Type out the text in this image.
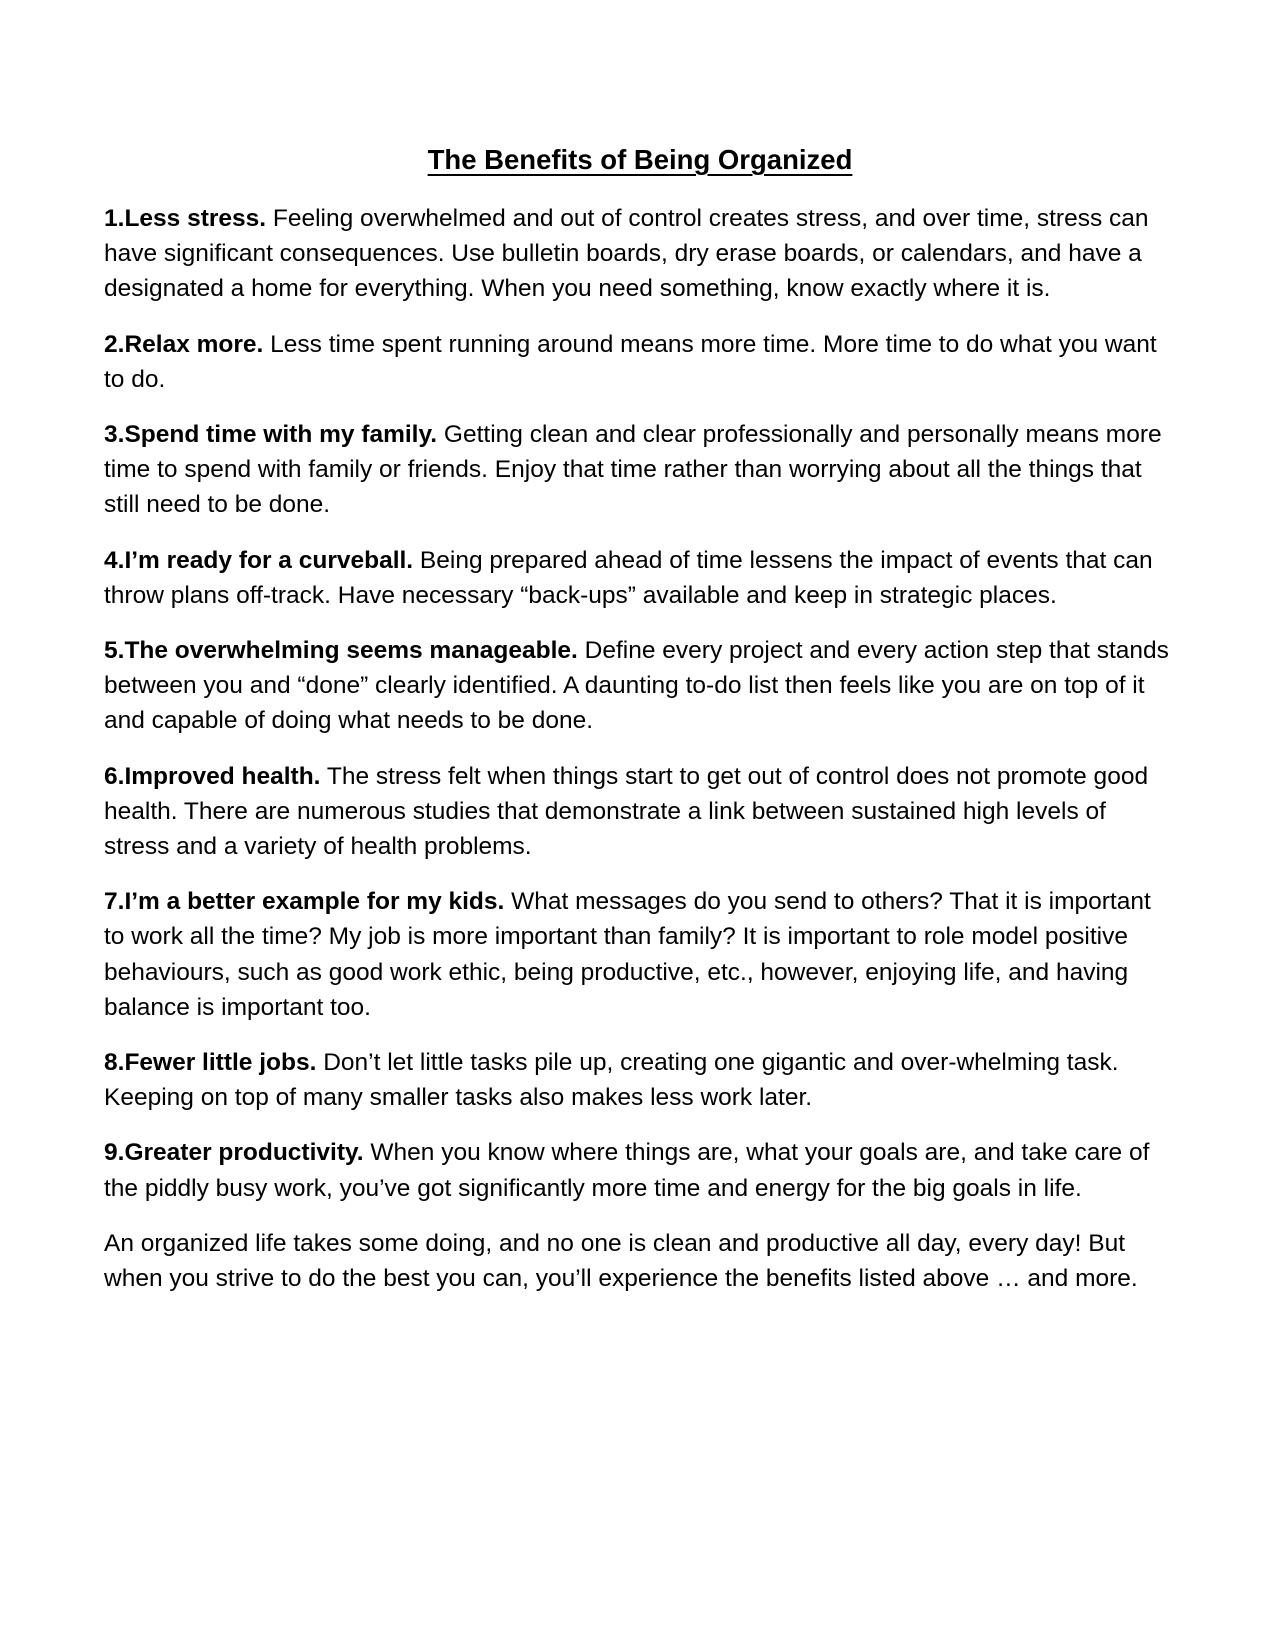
The Benefits of Being Organized

1.Less stress. Feeling overwhelmed and out of control creates stress, and over time, stress can have significant consequences. Use bulletin boards, dry erase boards, or calendars, and have a designated a home for everything. When you need something, know exactly where it is.

2.Relax more. Less time spent running around means more time. More time to do what you want to do.

3.Spend time with my family. Getting clean and clear professionally and personally means more time to spend with family or friends. Enjoy that time rather than worrying about all the things that still need to be done.

4.I’m ready for a curveball. Being prepared ahead of time lessens the impact of events that can throw plans off-track. Have necessary “back-ups” available and keep in strategic places.

5.The overwhelming seems manageable. Define every project and every action step that stands between you and “done” clearly identified. A daunting to-do list then feels like you are on top of it and capable of doing what needs to be done.

6.Improved health. The stress felt when things start to get out of control does not promote good health. There are numerous studies that demonstrate a link between sustained high levels of stress and a variety of health problems.

7.I’m a better example for my kids. What messages do you send to others? That it is important to work all the time? My job is more important than family? It is important to role model positive behaviours, such as good work ethic, being productive, etc., however, enjoying life, and having balance is important too.

8.Fewer little jobs. Don’t let little tasks pile up, creating one gigantic and over-whelming task. Keeping on top of many smaller tasks also makes less work later.

9.Greater productivity. When you know where things are, what your goals are, and take care of the piddly busy work, you’ve got significantly more time and energy for the big goals in life.

An organized life takes some doing, and no one is clean and productive all day, every day! But when you strive to do the best you can, you’ll experience the benefits listed above … and more.
